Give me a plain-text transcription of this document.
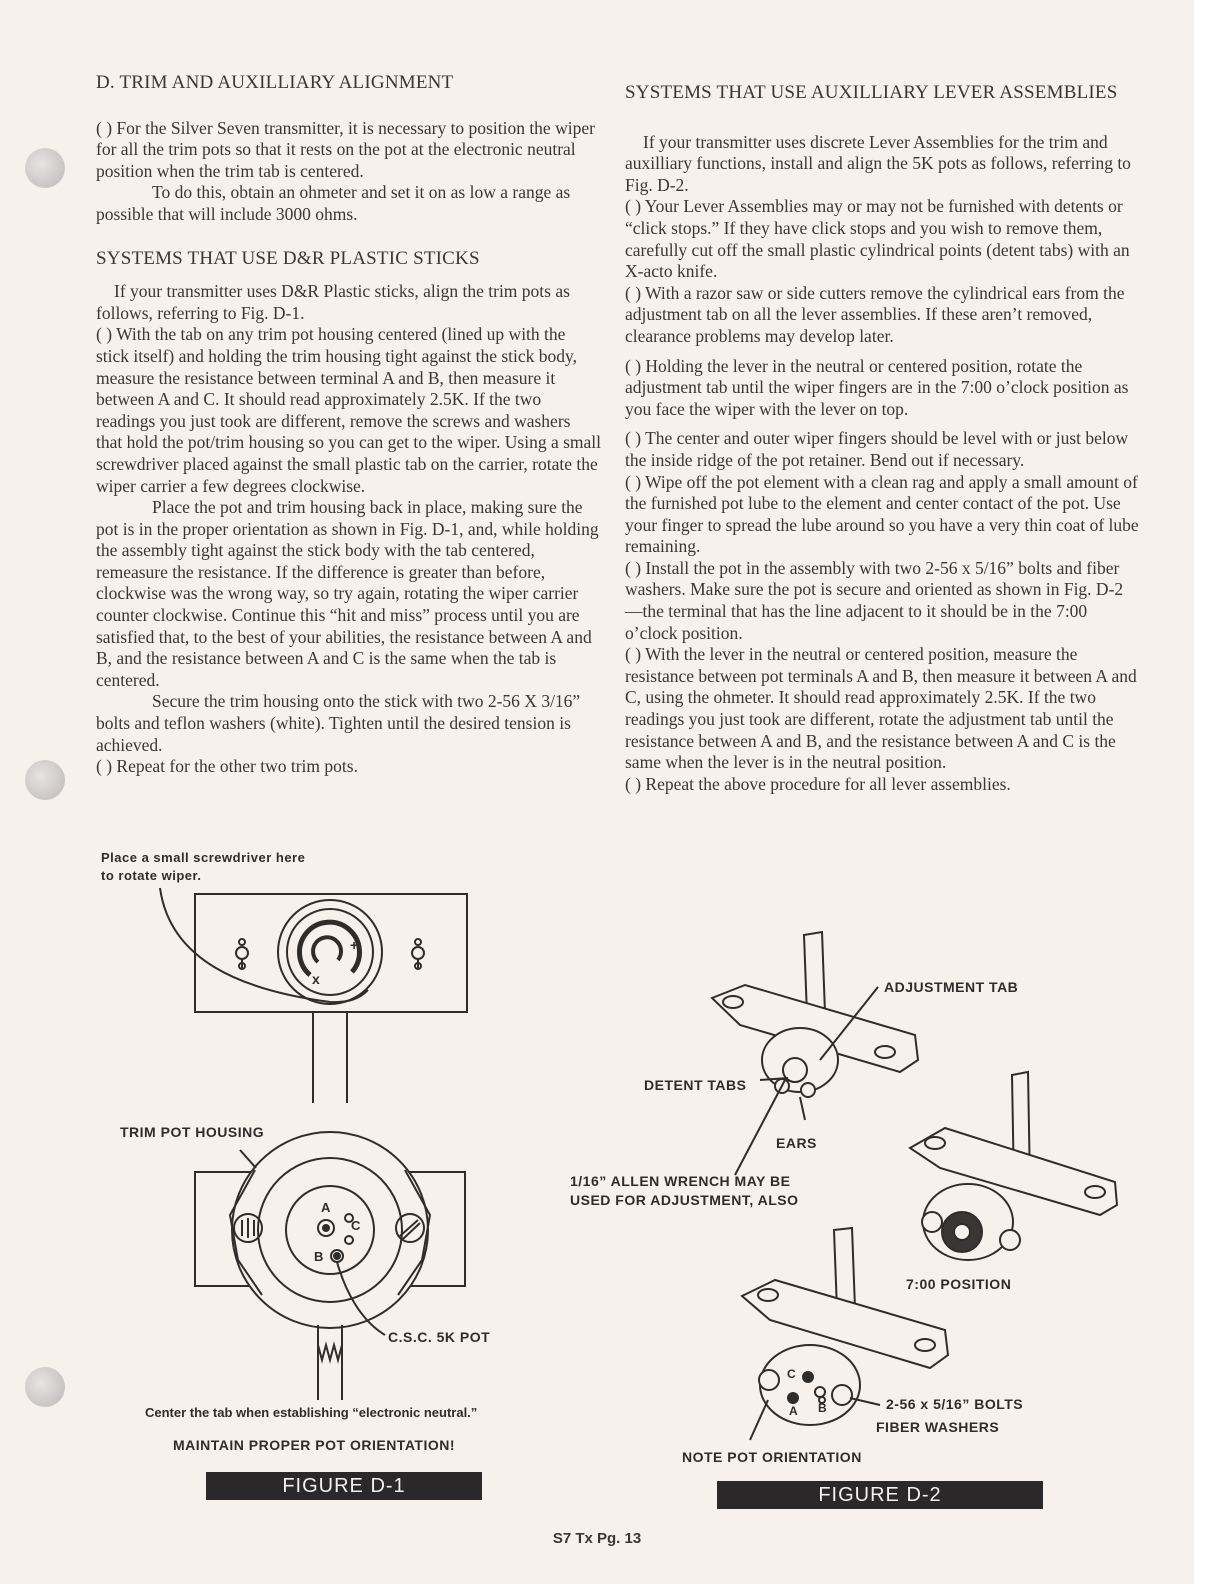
D. TRIM AND AUXILLIARY ALIGNMENT

( ) For the Silver Seven transmitter, it is necessary to position the wiper for all the trim pots so that it rests on the pot at the electronic neutral position when the trim tab is centered.

To do this, obtain an ohmeter and set it on as low a range as possible that will include 3000 ohms.

SYSTEMS THAT USE D&R PLASTIC STICKS

If your transmitter uses D&R Plastic sticks, align the trim pots as follows, referring to Fig. D-1.

( ) With the tab on any trim pot housing centered (lined up with the stick itself) and holding the trim housing tight against the stick body, measure the resistance between terminal A and B, then measure it between A and C. It should read approximately 2.5K. If the two readings you just took are different, remove the screws and washers that hold the pot/trim housing so you can get to the wiper. Using a small screwdriver placed against the small plastic tab on the carrier, rotate the wiper carrier a few degrees clockwise.

Place the pot and trim housing back in place, making sure the pot is in the proper orientation as shown in Fig. D-1, and, while holding the assembly tight against the stick body with the tab centered, remeasure the resistance. If the difference is greater than before, clockwise was the wrong way, so try again, rotating the wiper carrier counter clockwise. Continue this “hit and miss” process until you are satisfied that, to the best of your abilities, the resistance between A and B, and the resistance between A and C is the same when the tab is centered.

Secure the trim housing onto the stick with two 2-56 X 3/16” bolts and teflon washers (white). Tighten until the desired tension is achieved.

( ) Repeat for the other two trim pots.

SYSTEMS THAT USE AUXILLIARY LEVER ASSEMBLIES

If your transmitter uses discrete Lever Assemblies for the trim and auxilliary functions, install and align the 5K pots as follows, referring to Fig. D-2.

( ) Your Lever Assemblies may or may not be furnished with detents or “click stops.” If they have click stops and you wish to remove them, carefully cut off the small plastic cylindrical points (detent tabs) with an X-acto knife.

( ) With a razor saw or side cutters remove the cylindrical ears from the adjustment tab on all the lever assemblies. If these aren’t removed, clearance problems may develop later.

( ) Holding the lever in the neutral or centered position, rotate the adjustment tab until the wiper fingers are in the 7:00 o’clock position as you face the wiper with the lever on top.

( ) The center and outer wiper fingers should be level with or just below the inside ridge of the pot retainer. Bend out if necessary.

( ) Wipe off the pot element with a clean rag and apply a small amount of the furnished pot lube to the element and center contact of the pot. Use your finger to spread the lube around so you have a very thin coat of lube remaining.

( ) Install the pot in the assembly with two 2-56 x 5/16” bolts and fiber washers. Make sure the pot is secure and oriented as shown in Fig. D-2—the terminal that has the line adjacent to it should be in the 7:00 o’clock position.

( ) With the lever in the neutral or centered position, measure the resistance between pot terminals A and B, then measure it between A and C, using the ohmeter. It should read approximately 2.5K. If the two readings you just took are different, rotate the adjustment tab until the resistance between A and B, and the resistance between A and C is the same when the lever is in the neutral position.

( ) Repeat the above procedure for all lever assemblies.

+
x
Place a small screwdriver here
to rotate wiper.
TRIM POT HOUSING
A
B
C
C.S.C. 5K POT
Center the tab when establishing “electronic neutral.”
MAINTAIN PROPER POT ORIENTATION!
FIGURE D-1
ADJUSTMENT TAB
DETENT TABS
EARS
1/16” ALLEN WRENCH MAY BE
USED FOR ADJUSTMENT, ALSO
7:00 POSITION
C
A B	2-56 x 5/16” BOLTS
FIBER WASHERS
NOTE POT ORIENTATION
FIGURE D-2
S7 Tx Pg. 13
